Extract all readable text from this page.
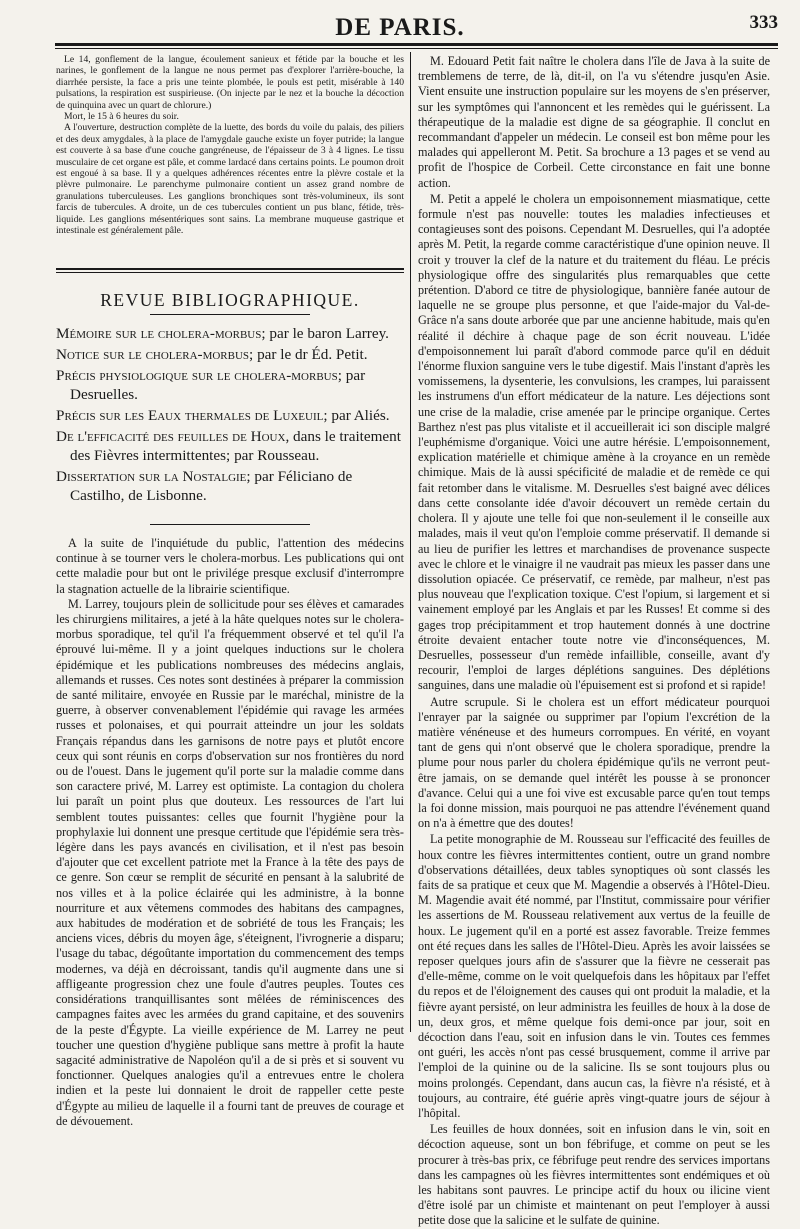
DE PARIS.	333

Le 14, gonflement de la langue, écoulement sanieux et fétide par la bouche et les narines, le gonflement de la langue ne nous permet pas d'explorer l'arrière-bouche, la diarrhée persiste, la face a pris une teinte plombée, le pouls est petit, misérable à 140 pulsations, la respiration est suspirieuse. (On injecte par le nez et la bouche la décoction de quinquina avec un quart de chlorure.)

Mort, le 15 à 6 heures du soir.

A l'ouverture, destruction complète de la luette, des bords du voile du palais, des piliers et des deux amygdales, à la place de l'amygdale gauche existe un foyer putride; la langue est couverte à sa base d'une couche gangréneuse, de l'épaisseur de 3 à 4 lignes. Le tissu musculaire de cet organe est pâle, et comme lardacé dans certains points. Le poumon droit est engoué à sa base. Il y a quelques adhérences récentes entre la plèvre costale et la plèvre pulmonaire. Le parenchyme pulmonaire contient un assez grand nombre de granulations tuberculeuses. Les ganglions bronchiques sont très-volumineux, ils sont farcis de tubercules. A droite, un de ces tubercules contient un pus blanc, fétide, très-liquide. Les ganglions mésentériques sont sains. La membrane muqueuse gastrique et intestinale est généralement pâle.

REVUE BIBLIOGRAPHIQUE.

Mémoire sur le cholera-morbus; par le baron Larrey.

Notice sur le cholera-morbus; par le dr Éd. Petit.

Précis physiologique sur le cholera-morbus; par Desruelles.

Précis sur les Eaux thermales de Luxeuil; par Aliés.

De l'efficacité des feuilles de Houx, dans le traitement des Fièvres intermittentes; par Rousseau.

Dissertation sur la Nostalgie; par Féliciano de Castilho, de Lisbonne.

A la suite de l'inquiétude du public, l'attention des médecins continue à se tourner vers le cholera-morbus. Les publications qui ont cette maladie pour but ont le privilége presque exclusif d'interrompre la stagnation actuelle de la librairie scientifique.

M. Larrey, toujours plein de sollicitude pour ses élèves et camarades les chirurgiens militaires, a jeté à la hâte quelques notes sur le cholera-morbus sporadique, tel qu'il l'a fréquemment observé et tel qu'il l'a éprouvé lui-même. Il y a joint quelques inductions sur le cholera épidémique et les publications nombreuses des médecins anglais, allemands et russes. Ces notes sont destinées à préparer la commission de santé militaire, envoyée en Russie par le maréchal, ministre de la guerre, à observer convenablement l'épidémie qui ravage les armées russes et polonaises, et qui pourrait atteindre un jour les soldats Français répandus dans les garnisons de notre pays et plutôt encore ceux qui sont réunis en corps d'observation sur nos frontières du nord ou de l'ouest. Dans le jugement qu'il porte sur la maladie comme dans son caractere privé, M. Larrey est optimiste. La contagion du cholera lui paraît un point plus que douteux. Les ressources de l'art lui semblent toutes puissantes: celles que fournit l'hygiène pour la prophylaxie lui donnent une presque certitude que l'épidémie sera très-légère dans les pays avancés en civilisation, et il n'est pas besoin d'ajouter que cet excellent patriote met la France à la tête des pays de ce genre. Son cœur se remplit de sécurité en pensant à la salubrité de nos villes et à la police éclairée qui les administre, à la bonne nourriture et aux vêtemens commodes des habitans des campagnes, aux habitudes de modération et de sobriété de tous les Français; les anciens vices, débris du moyen âge, s'éteignent, l'ivrognerie a disparu; l'usage du tabac, dégoûtante importation du commencement des temps modernes, va déjà en décroissant, tandis qu'il augmente dans une si affligeante progression chez une foule d'autres peuples. Toutes ces considérations tranquillisantes sont mêlées de réminiscences des campagnes faites avec les armées du grand capitaine, et des souvenirs de la peste d'Égypte. La vieille expérience de M. Larrey ne peut toucher une question d'hygiène publique sans mettre à profit la haute sagacité administrative de Napoléon qu'il a de si près et si souvent vu fonctionner. Quelques analogies qu'il a entrevues entre le cholera indien et la peste lui donnaient le droit de rappeller cette peste d'Égypte au milieu de laquelle il a fourni tant de preuves de courage et de dévouement.

M. Edouard Petit fait naître le cholera dans l'île de Java à la suite de tremblemens de terre, de là, dit-il, on l'a vu s'étendre jusqu'en Asie. Vient ensuite une instruction populaire sur les moyens de s'en préserver, sur les symptômes qui l'annoncent et les remèdes qui le guérissent. La thérapeutique de la maladie est digne de sa géographie. Il conclut en recommandant d'appeler un médecin. Le conseil est bon même pour les malades qui appelleront M. Petit. Sa brochure a 13 pages et se vend au profit de l'hospice de Corbeil. Cette circonstance en fait une bonne action.

M. Petit a appelé le cholera un empoisonnement miasmatique, cette formule n'est pas nouvelle: toutes les maladies infectieuses et contagieuses sont des poisons. Cependant M. Desruelles, qui l'a adoptée après M. Petit, la regarde comme caractéristique d'une opinion neuve. Il croit y trouver la clef de la nature et du traitement du fléau. Le précis physiologique offre des singularités plus remarquables que cette prétention. D'abord ce titre de physiologique, bannière fanée autour de laquelle ne se groupe plus personne, et que l'aide-major du Val-de-Grâce n'a sans doute arborée que par une ancienne habitude, mais qu'en réalité il déchire à chaque page de son écrit nouveau. L'idée d'empoisonnement lui paraît d'abord commode parce qu'il en déduit l'énorme fluxion sanguine vers le tube digestif. Mais l'instant d'après les vomissemens, la dysenterie, les convulsions, les crampes, lui paraissent les instrumens d'un effort médicateur de la nature. Les déjections sont une crise de la maladie, crise amenée par le principe organique. Certes Barthez n'est pas plus vitaliste et il accueillerait ici son disciple malgré l'euphémisme d'organique. Voici une autre hérésie. L'empoisonnement, explication matérielle et chimique amène à la croyance en un remède chimique. Mais de là aussi spécificité de maladie et de remède ce qui fait retomber dans le vitalisme. M. Desruelles s'est baigné avec délices dans cette consolante idée d'avoir découvert un remède certain du cholera. Il y ajoute une telle foi que non-seulement il le conseille aux malades, mais il veut qu'on l'emploie comme préservatif. Il demande si au lieu de purifier les lettres et marchandises de provenance suspecte avec le chlore et le vinaigre il ne vaudrait pas mieux les passer dans une dissolution opiacée. Ce préservatif, ce remède, par malheur, n'est pas plus nouveau que l'explication toxique. C'est l'opium, si largement et si vainement employé par les Anglais et par les Russes! Et comme si des gages trop précipitamment et trop hautement donnés à une doctrine étroite devaient entacher toute notre vie d'inconséquences, M. Desruelles, possesseur d'un remède infaillible, conseille, avant d'y recourir, l'emploi de larges déplétions sanguines. Des déplétions sanguines, dans une maladie où l'épuisement est si profond et si rapide!

Autre scrupule. Si le cholera est un effort médicateur pourquoi l'enrayer par la saignée ou supprimer par l'opium l'excrétion de la matière vénéneuse et des humeurs corrompues. En vérité, en voyant tant de gens qui n'ont observé que le cholera sporadique, prendre la plume pour nous parler du cholera épidémique qu'ils ne verront peut-être jamais, on se demande quel intérêt les pousse à se prononcer d'avance. Celui qui a une foi vive est excusable parce qu'en tout temps la foi donne mission, mais pourquoi ne pas attendre l'événement quand on n'a à émettre que des doutes!

La petite monographie de M. Rousseau sur l'efficacité des feuilles de houx contre les fièvres intermittentes contient, outre un grand nombre d'observations détaillées, deux tables synoptiques où sont classés les faits de sa pratique et ceux que M. Magendie a observés à l'Hôtel-Dieu. M. Magendie avait été nommé, par l'Institut, commissaire pour vérifier les assertions de M. Rousseau relativement aux vertus de la feuille de houx. Le jugement qu'il en a porté est assez favorable. Treize femmes ont été reçues dans les salles de l'Hôtel-Dieu. Après les avoir laissées se reposer quelques jours afin de s'assurer que la fièvre ne cesserait pas d'elle-même, comme on le voit quelquefois dans les hôpitaux par l'effet du repos et de l'éloignement des causes qui ont produit la maladie, et la fièvre ayant persisté, on leur administra les feuilles de houx à la dose de un, deux gros, et même quelque fois demi-once par jour, soit en décoction dans l'eau, soit en infusion dans le vin. Toutes ces femmes ont guéri, les accès n'ont pas cessé brusquement, comme il arrive par l'emploi de la quinine ou de la salicine. Ils se sont toujours plus ou moins prolongés. Cependant, dans aucun cas, la fièvre n'a résisté, et à toujours, au contraire, été guérie après vingt-quatre jours de séjour à l'hôpital.

Les feuilles de houx données, soit en infusion dans le vin, soit en décoction aqueuse, sont un bon fébrifuge, et comme on peut se les procurer à très-bas prix, ce fébrifuge peut rendre des services importans dans les campagnes où les fièvres intermittentes sont endémiques et où les habitans sont pauvres. Le principe actif du houx ou ilicine vient d'être isolé par un chimiste et maintenant on peut l'employer à aussi petite dose que la salicine et le sulfate de quinine.
